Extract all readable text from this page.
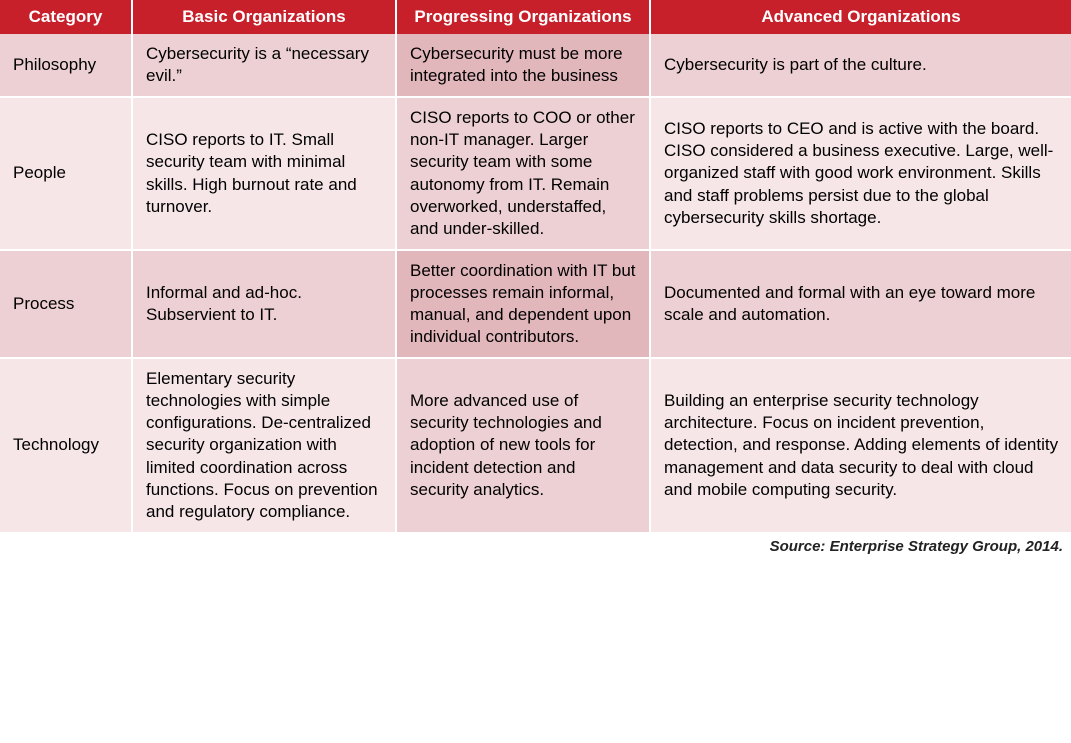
Category	Basic Organizations	Progressing Organizations	Advanced Organizations
Philosophy	Cybersecurity is a “necessary evil.”	Cybersecurity must be more integrated into the business	Cybersecurity is part of the culture.
People	CISO reports to IT. Small security team with minimal skills. High burnout rate and turnover.	CISO reports to COO or other non-IT manager. Larger security team with some autonomy from IT. Remain overworked, understaffed, and under-skilled.	CISO reports to CEO and is active with the board. CISO considered a business executive. Large, well-organized staff with good work environment. Skills and staff problems persist due to the global cybersecurity skills shortage.
Process	Informal and ad-hoc. Subservient to IT.	Better coordination with IT but processes remain informal, manual, and dependent upon individual contributors.	Documented and formal with an eye toward more scale and automation.
Technology	Elementary security technologies with simple configurations. De-centralized security organization with limited coordination across functions. Focus on prevention and regulatory compliance.	More advanced use of security technologies and adoption of new tools for incident detection and security analytics.	Building an enterprise security technology architecture. Focus on incident prevention, detection, and response. Adding elements of identity management and data security to deal with cloud and mobile computing security.
Source: Enterprise Strategy Group, 2014.
